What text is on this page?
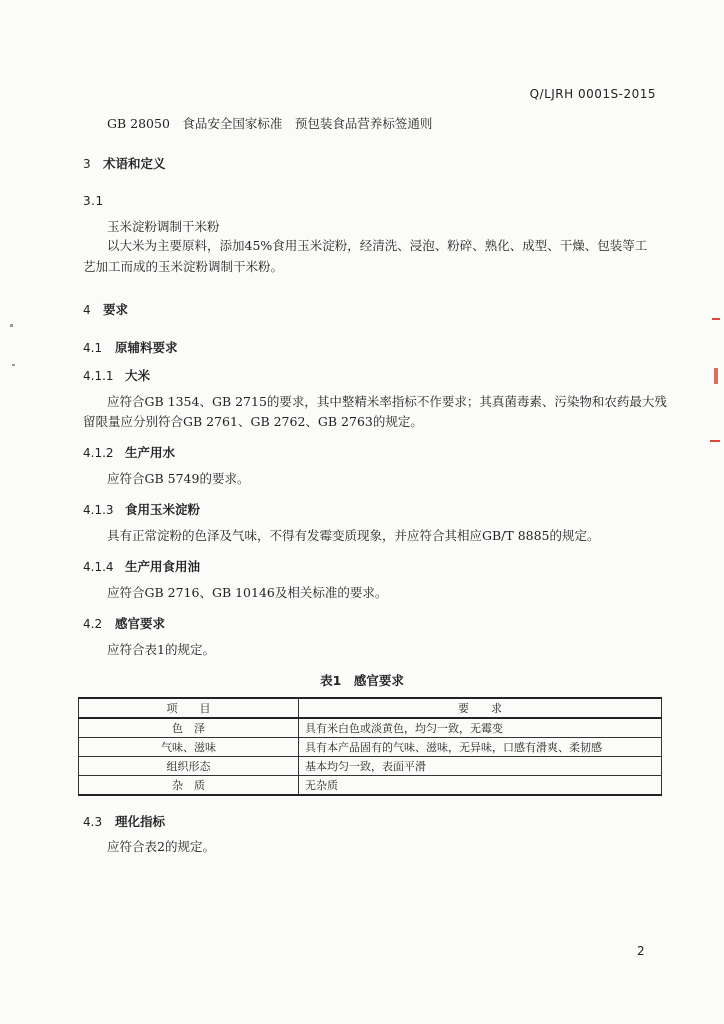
Q/LJRH 0001S-2015
GB 28050　食品安全国家标准　预包装食品营养标签通则
3 术语和定义
3.1
玉米淀粉调制干米粉
以大米为主要原料，添加45%食用玉米淀粉，经清洗、浸泡、粉碎、熟化、成型、干燥、包装等工
艺加工而成的玉米淀粉调制干米粉。
4 要求
4.1 原辅料要求
4.1.1 大米
应符合GB 1354、GB 2715的要求，其中整精米率指标不作要求；其真菌毒素、污染物和农药最大残
留限量应分别符合GB 2761、GB 2762、GB 2763的规定。
4.1.2 生产用水
应符合GB 5749的要求。
4.1.3 食用玉米淀粉
具有正常淀粉的色泽及气味，不得有发霉变质现象，并应符合其相应GB/T 8885的规定。
4.1.4 生产用食用油
应符合GB 2716、GB 10146及相关标准的要求。
4.2 感官要求
应符合表1的规定。
表1　感官要求
项　　目	要　　求
色　泽	具有米白色或淡黄色，均匀一致，无霉变
气味、滋味	具有本产品固有的气味、滋味，无异味，口感有滑爽、柔韧感
组织形态	基本均匀一致，表面平滑
杂　质	无杂质
4.3 理化指标
应符合表2的规定。
2
